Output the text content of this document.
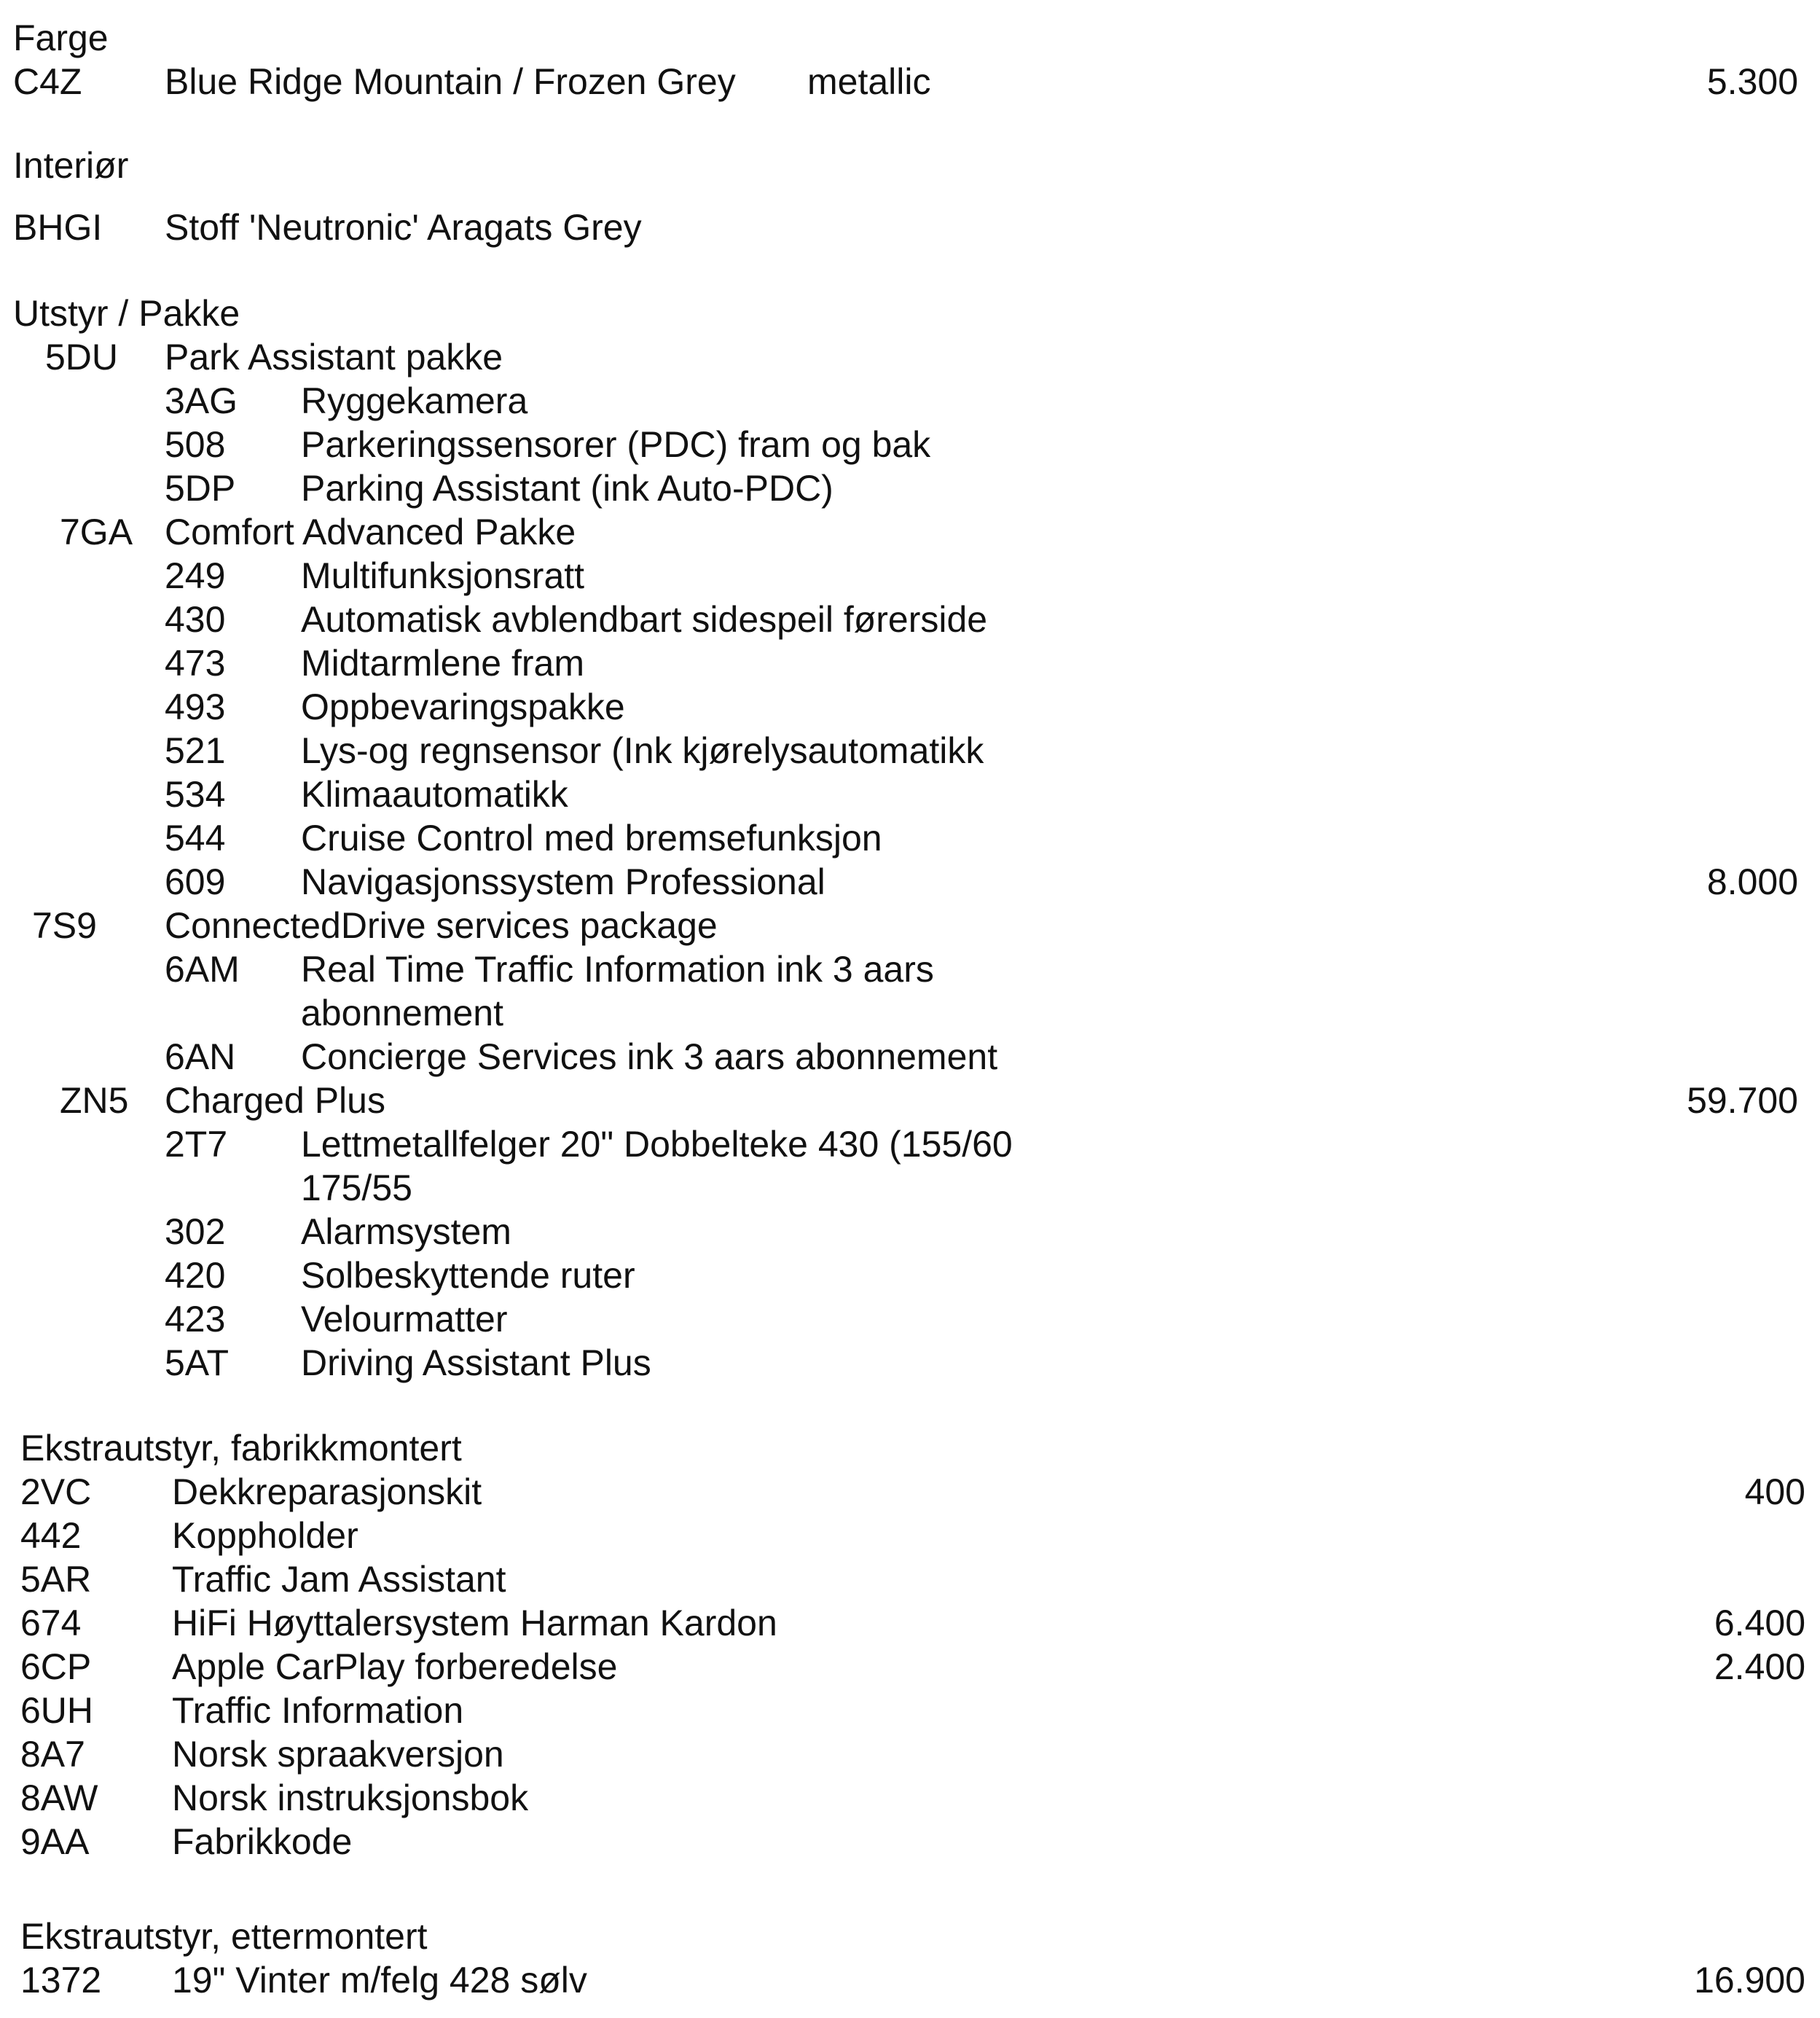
Farge
C4Z Blue Ridge Mountain / Frozen Grey metallic	5.300
Interiør
BHGI Stoff 'Neutronic' Aragats Grey
Utstyr / Pakke
5DU Park Assistant pakke
3AG Ryggekamera
508 Parkeringssensorer (PDC) fram og bak
5DP Parking Assistant (ink Auto-PDC)
7GA Comfort Advanced Pakke
249 Multifunksjonsratt
430 Automatisk avblendbart sidespeil førerside
473 Midtarmlene fram
493 Oppbevaringspakke
521 Lys-og regnsensor (Ink kjørelysautomatikk
534 Klimaautomatikk
544 Cruise Control med bremsefunksjon
609 Navigasjonssystem Professional	8.000
7S9 ConnectedDrive services package
6AM Real Time Traffic Information ink 3 aars
abonnement
6AN Concierge Services ink 3 aars abonnement
ZN5 Charged Plus	59.700
2T7 Lettmetallfelger 20" Dobbelteke 430 (155/60
175/55
302 Alarmsystem
420 Solbeskyttende ruter
423 Velourmatter
5AT Driving Assistant Plus
Ekstrautstyr, fabrikkmontert
2VC Dekkreparasjonskit	400
442 Koppholder
5AR Traffic Jam Assistant
674 HiFi Høyttalersystem Harman Kardon	6.400
6CP Apple CarPlay forberedelse	2.400
6UH Traffic Information
8A7 Norsk spraakversjon
8AW Norsk instruksjonsbok
9AA Fabrikkode
Ekstrautstyr, ettermontert
1372 19" Vinter m/felg 428 sølv	16.900
